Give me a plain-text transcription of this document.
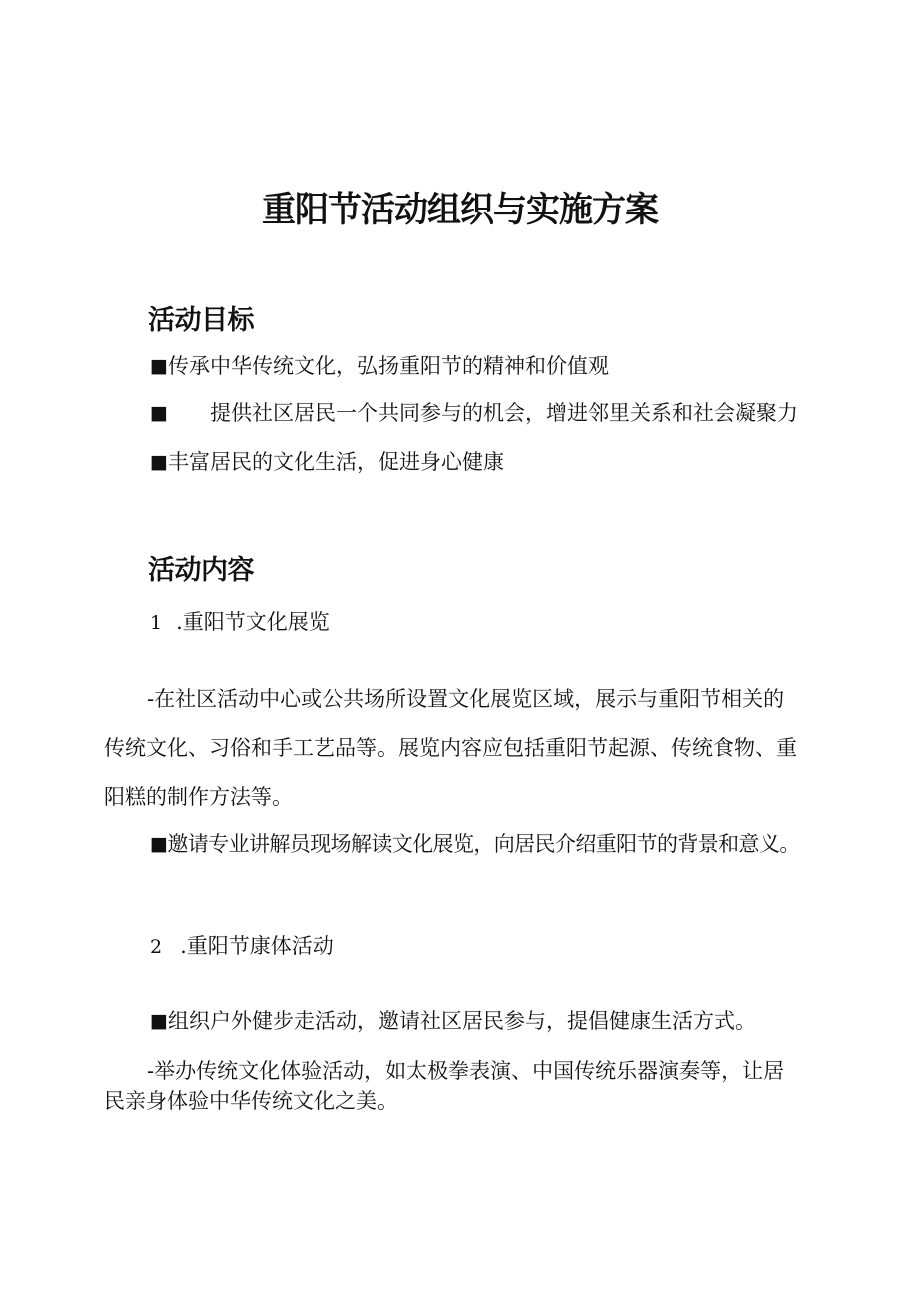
重阳节活动组织与实施方案
活动目标

■传承中华传统文化，弘扬重阳节的精神和价值观

■ 提供社区居民一个共同参与的机会，增进邻里关系和社会凝聚力

■丰富居民的文化生活，促进身心健康

活动内容

1 .重阳节文化展览

-在社区活动中心或公共场所设置文化展览区域，展示与重阳节相关的

传统文化、习俗和手工艺品等。展览内容应包括重阳节起源、传统食物、重

阳糕的制作方法等。

■邀请专业讲解员现场解读文化展览，向居民介绍重阳节的背景和意义。

2 .重阳节康体活动

■组织户外健步走活动，邀请社区居民参与，提倡健康生活方式。

-举办传统文化体验活动，如太极拳表演、中国传统乐器演奏等，让居

民亲身体验中华传统文化之美。
